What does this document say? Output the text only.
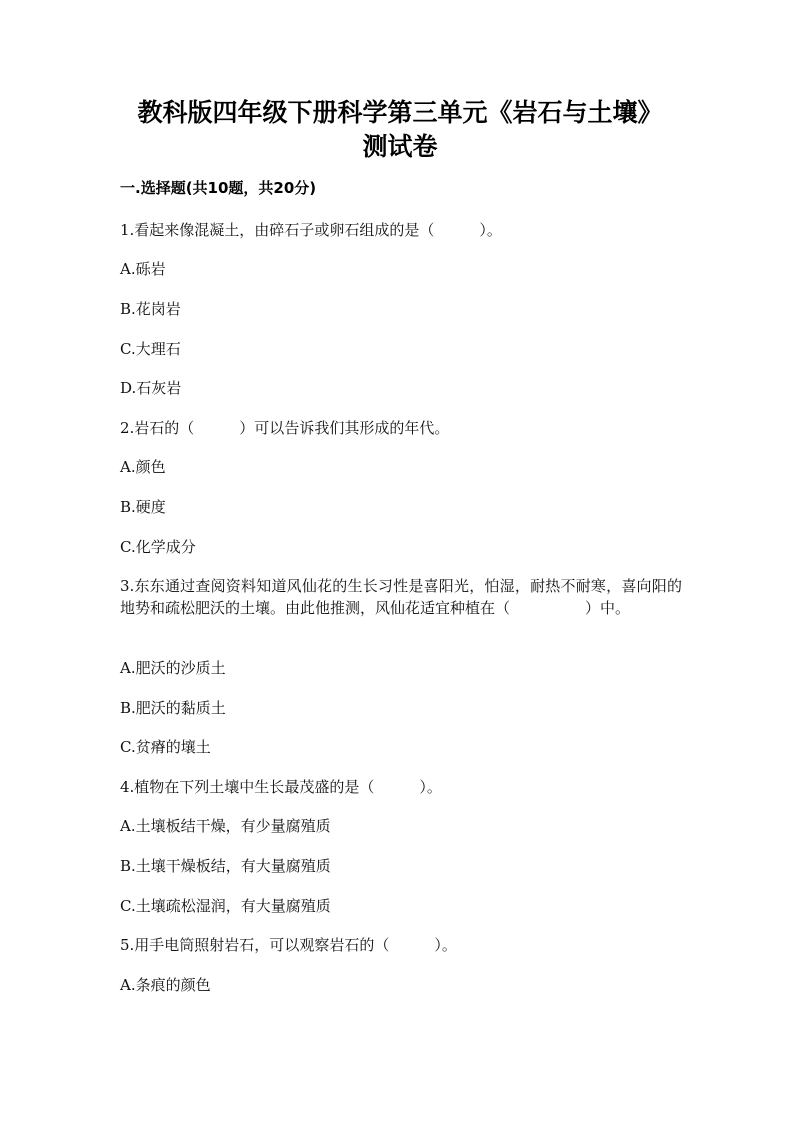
教科版四年级下册科学第三单元《岩石与土壤》测试卷
一.选择题(共10题，共20分)
1.看起来像混凝土，由碎石子或卵石组成的是（　　　）。
A.砾岩
B.花岗岩
C.大理石
D.石灰岩
2.岩石的（　　　）可以告诉我们其形成的年代。
A.颜色
B.硬度
C.化学成分
3.东东通过查阅资料知道风仙花的生长习性是喜阳光，怕湿，耐热不耐寒，喜向阳的地势和疏松肥沃的土壤。由此他推测，风仙花适宜种植在（　　　　　）中。
A.肥沃的沙质土
B.肥沃的黏质土
C.贫瘠的壤土
4.植物在下列土壤中生长最茂盛的是（　　　）。
A.土壤板结干燥，有少量腐殖质
B.土壤干燥板结，有大量腐殖质
C.土壤疏松湿润，有大量腐殖质
5.用手电筒照射岩石，可以观察岩石的（　　　）。
A.条痕的颜色
